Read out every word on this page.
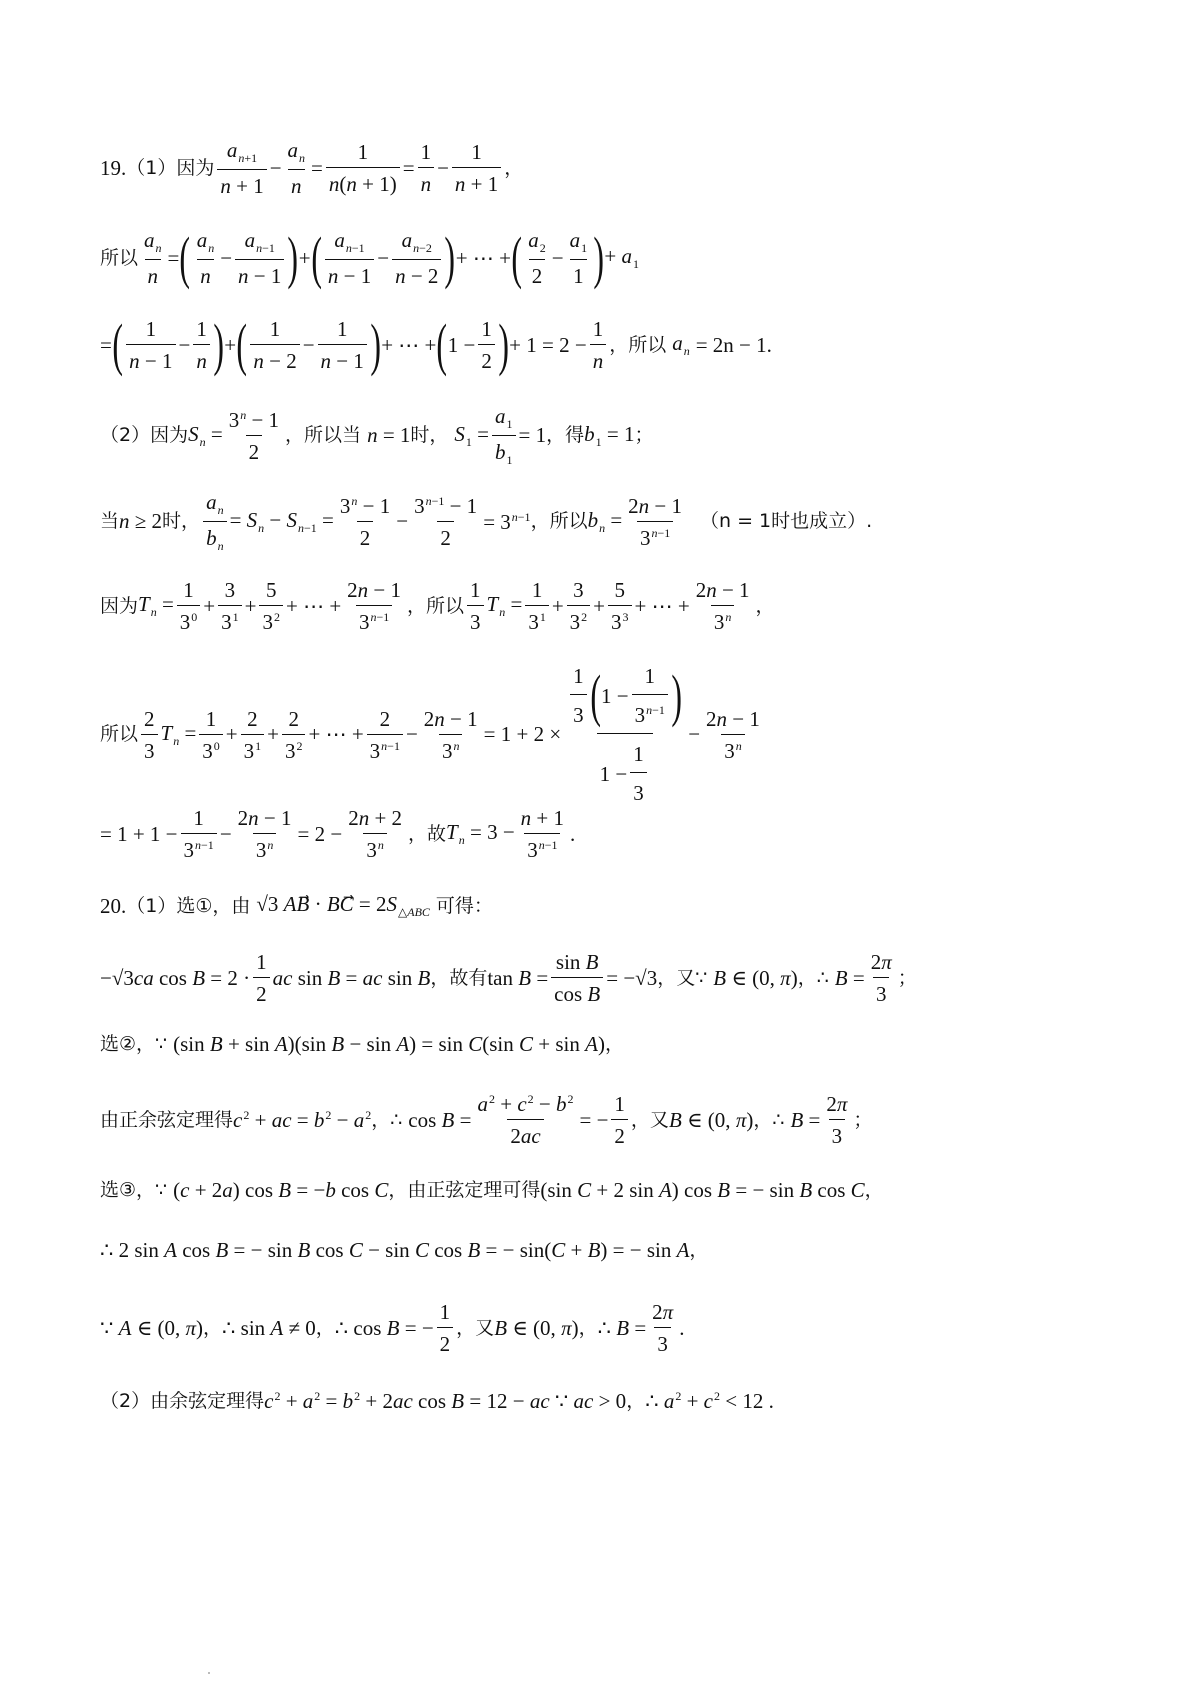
19. （1） 因为 $\frac{a_{n+1}}{n + 1} - \frac{a_n}{n} = \frac{1}{n(n + 1)} = \frac{1}{n} - \frac{1}{n + 1}$ ，
所以 $\frac{a_n}{n}$ = ( $\frac{a_n}{n} - \frac{a_{n-1}}{n - 1}$ ) + ( $\frac{a_{n-1}}{n - 1} - \frac{a_{n-2}}{n - 2}$ ) + ⋯ + ( $\frac{a_2}{2} - \frac{a_1}{1}$ ) + $a_1$
= ( $\frac{1}{n - 1} - \frac{1}{n}$ ) + ( $\frac{1}{n - 2} - \frac{1}{n - 1}$ ) + ⋯ + ( $1 - \frac{1}{2}$ ) + $1 = 2 - \frac{1}{n}$ ，所以 $a_n = 2n - 1$.
（2） 因为 $S_n = \frac{3^n - 1}{2}$ ，所以当 n = 1 时， $S_1 = \frac{a_1}{b_1} = 1$ ，得 $b_1 = 1$ ；
当 n ≥ 2 时， $\frac{a_n}{b_n} = S_n - S_{n-1} = \frac{3^n - 1}{2} - \frac{3^{n-1} - 1}{2} = 3^{n-1}$ ，所以 $b_n = \frac{2n - 1}{3^{n-1}} (n = 1$时也成立）.
因为 $T_n = \frac{1}{3^0} + \frac{3}{3^1} + \frac{5}{3^2}$ + ⋯ + $\frac{2n - 1}{3^{n-1}}$ ，所以 $\frac{1}{3} T_n = \frac{1}{3^1} + \frac{3}{3^2} + \frac{5}{3^3}$ + ⋯ + $\frac{2n - 1}{3^n}$ ，
所以 $\frac{2}{3} T_n = \frac{1}{3^0} + \frac{2}{3^1} + \frac{2}{3^2}$ + ⋯ + $\frac{2}{3^{n-1}} - \frac{2n - 1}{3^n} = 1 + 2 \times \frac{\frac{1}{3} ( 1 - \frac{1}{3^{n-1}} )}{1 - \frac{1}{3}} - \frac{2n - 1}{3^n}$
= $1 + 1 - \frac{1}{3^{n-1}} - \frac{2n - 1}{3^n} = 2 - \frac{2n + 2}{3^n}$ ，故 $T_n = 3 - \frac{n + 1}{3^{n-1}}$ .
20. （1） 选①，由 √3 AB⃗ · BC⃗ = $2S_{\triangle ABC}$ 可得：
−√3ca $\cos B = 2 \cdot \frac{1}{2}$ ac sin B = ac sin B ，故有 $\tan B = \frac{\text{sin B}}{\text{cos B}} = -√3$ ，又∵ B ∈ (0, π) ，∴ $B = \frac{2\pi}{3}$ ；
选②，∵ (sin B + sin A)(sin B − sin A) = sin C(sin C + sin A) ，
由正余弦定理得 $c^2$ + ac = $b^2 - a^2$ ，∴ $\cos B = \frac{a^2 + c^2 - b^2}{2ac}$ = − $\frac{1}{2}$ ，又 B ∈ (0, π) ，∴ $B = \frac{2\pi}{3}$ ；
选③，∵ (c + 2a) cos B = −b cos C ，由正弦定理可得 (sin C + 2 sin A) cos B = − sin B cos C ，
∴ 2 sin A cos B = − sin B cos C − sin C cos B = − sin(C + B) = − sin A ，
∵ A ∈ (0, π) ， ∴ sin A ≠ 0 ， ∴ cos B = − $\frac{1}{2}$ ，又 B ∈ (0, π) ， ∴ $B = \frac{2\pi}{3}$ .
（2） 由余弦定理得 $c^2 + a^2 = b^2 + 2ac$ cos B = 12 − ac ∵ ac > 0 ， ∴ $a^2 + c^2 < 12$ .
